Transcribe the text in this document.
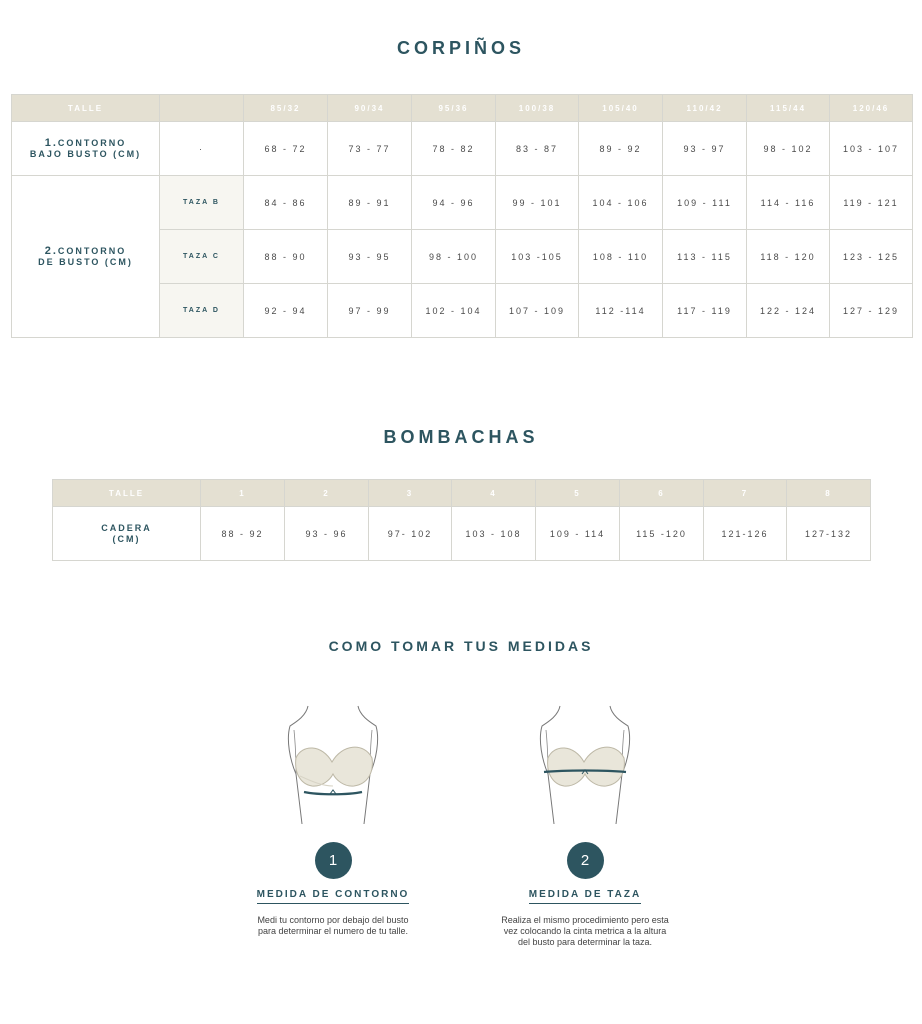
CORPIÑOS
TALLE		85/32	90/34	95/36	100/38	105/40	110/42	115/44	120/46
1.CONTORNO
BAJO BUSTO (CM)	·	68 - 72	73 - 77	78 - 82	83 - 87	89 - 92	93 - 97	98 - 102	103 - 107
2.CONTORNO
DE BUSTO (CM)	TAZA B	84 - 86	89 - 91	94 - 96	99 - 101	104 - 106	109 - 111	114 - 116	119 - 121
	TAZA C	88 - 90	93 - 95	98 - 100	103 -105	108 - 110	113 - 115	118 - 120	123 - 125
	TAZA D	92 - 94	97 - 99	102 - 104	107 - 109	112 -114	117 - 119	122 - 124	127 - 129
BOMBACHAS
TALLE	1	2	3	4	5	6	7	8
CADERA
(CM)	88 - 92	93 - 96	97- 102	103 - 108	109 - 114	115 -120	121-126	127-132
COMO TOMAR TUS MEDIDAS
1
MEDIDA DE CONTORNO
Medi tu contorno por debajo del busto
para determinar el numero de tu talle.
2
MEDIDA DE TAZA
Realiza el mismo procedimiento pero esta
vez colocando la cinta metrica a la altura
del busto para determinar la taza.
